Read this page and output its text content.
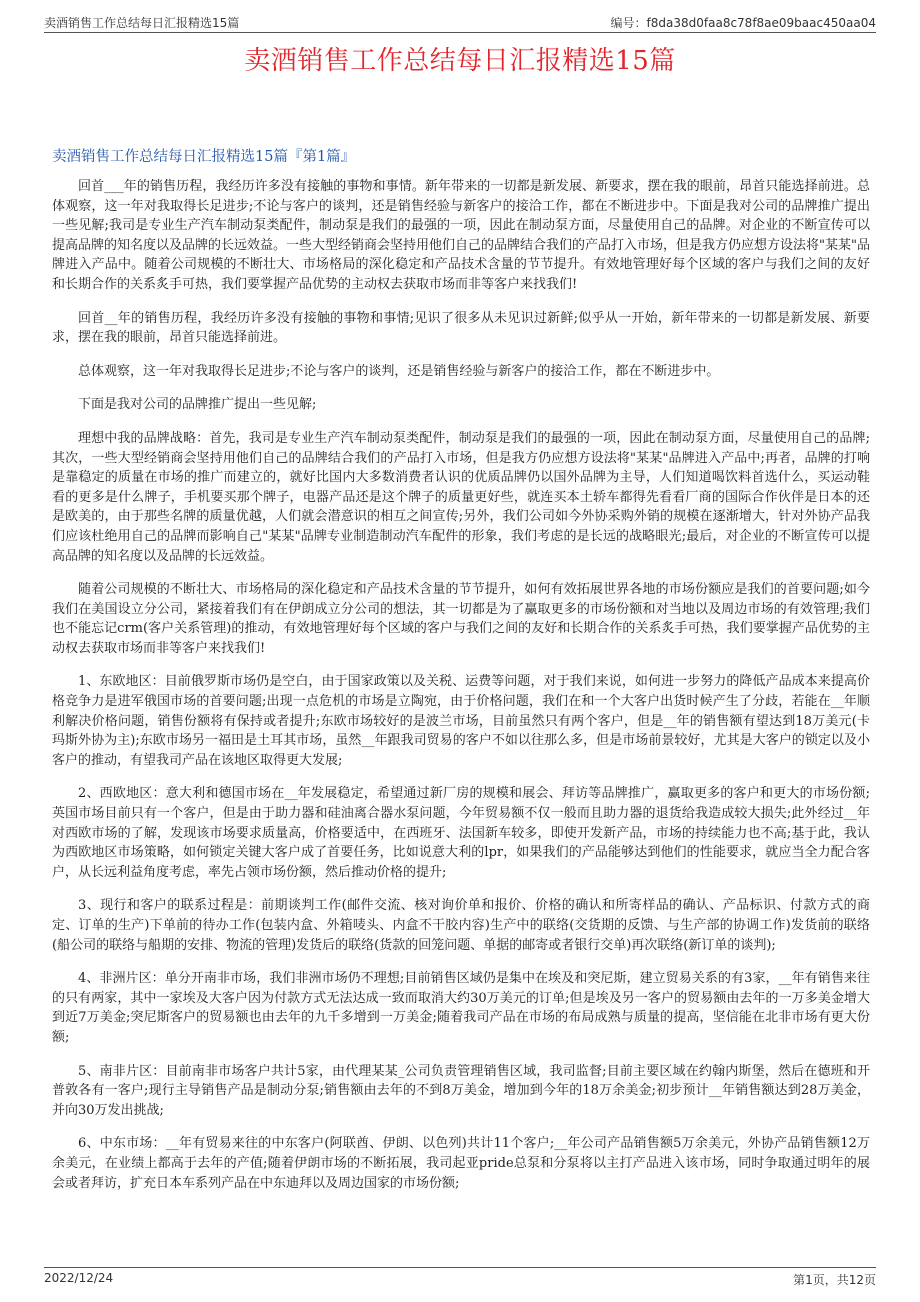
卖酒销售工作总结每日汇报精选15篇	编号：f8da38d0faa8c78f8ae09baac450aa04
卖酒销售工作总结每日汇报精选15篇
卖酒销售工作总结每日汇报精选15篇『第1篇』

回首___年的销售历程，我经历许多没有接触的事物和事情。新年带来的一切都是新发展、新要求，摆在我的眼前，昂首只能选择前进。总体观察，这一年对我取得长足进步;不论与客户的谈判，还是销售经验与新客户的接洽工作，都在不断进步中。下面是我对公司的品牌推广提出一些见解;我司是专业生产汽车制动泵类配件，制动泵是我们的最强的一项，因此在制动泵方面，尽量使用自己的品牌。对企业的不断宣传可以提高品牌的知名度以及品牌的长远效益。一些大型经销商会坚持用他们自己的品牌结合我们的产品打入市场，但是我方仍应想方设法将"某某"品牌进入产品中。随着公司规模的不断壮大、市场格局的深化稳定和产品技术含量的节节提升。有效地管理好每个区域的客户与我们之间的友好和长期合作的关系炙手可热，我们要掌握产品优势的主动权去获取市场而非等客户来找我们!

回首__年的销售历程，我经历许多没有接触的事物和事情;见识了很多从未见识过新鲜;似乎从一开始，新年带来的一切都是新发展、新要求，摆在我的眼前，昂首只能选择前进。

总体观察，这一年对我取得长足进步;不论与客户的谈判，还是销售经验与新客户的接洽工作，都在不断进步中。

下面是我对公司的品牌推广提出一些见解;

理想中我的品牌战略：首先，我司是专业生产汽车制动泵类配件，制动泵是我们的最强的一项，因此在制动泵方面，尽量使用自己的品牌;其次，一些大型经销商会坚持用他们自己的品牌结合我们的产品打入市场，但是我方仍应想方设法将"某某"品牌进入产品中;再者，品牌的打响是靠稳定的质量在市场的推广而建立的，就好比国内大多数消费者认识的优质品牌仍以国外品牌为主导，人们知道喝饮料首选什么，买运动鞋看的更多是什么牌子，手机要买那个牌子，电器产品还是这个牌子的质量更好些，就连买本土轿车都得先看看厂商的国际合作伙伴是日本的还是欧美的，由于那些名牌的质量优越，人们就会潜意识的相互之间宣传;另外，我们公司如今外协采购外销的规模在逐渐增大，针对外协产品我们应该杜绝用自己的品牌而影响自己"某某"品牌专业制造制动汽车配件的形象，我们考虑的是长远的战略眼光;最后，对企业的不断宣传可以提高品牌的知名度以及品牌的长远效益。

随着公司规模的不断壮大、市场格局的深化稳定和产品技术含量的节节提升，如何有效拓展世界各地的市场份额应是我们的首要问题;如今我们在美国设立分公司，紧接着我们有在伊朗成立分公司的想法，其一切都是为了赢取更多的市场份额和对当地以及周边市场的有效管理;我们也不能忘记crm(客户关系管理)的推动，有效地管理好每个区域的客户与我们之间的友好和长期合作的关系炙手可热，我们要掌握产品优势的主动权去获取市场而非等客户来找我们!

1、东欧地区：目前俄罗斯市场仍是空白，由于国家政策以及关税、运费等问题，对于我们来说，如何进一步努力的降低产品成本来提高价格竞争力是进军俄国市场的首要问题;出现一点危机的市场是立陶宛，由于价格问题，我们在和一个大客户出货时候产生了分歧，若能在__年顺利解决价格问题，销售份额将有保持或者提升;东欧市场较好的是波兰市场，目前虽然只有两个客户，但是__年的销售额有望达到18万美元(卡玛斯外协为主);东欧市场另一福田是土耳其市场，虽然__年跟我司贸易的客户不如以往那么多，但是市场前景较好，尤其是大客户的锁定以及小客户的推动，有望我司产品在该地区取得更大发展;

2、西欧地区：意大利和德国市场在__年发展稳定，希望通过新厂房的规模和展会、拜访等品牌推广，赢取更多的客户和更大的市场份额;英国市场目前只有一个客户，但是由于助力器和硅油离合器水泵问题，今年贸易额不仅一般而且助力器的退货给我造成较大损失;此外经过__年对西欧市场的了解，发现该市场要求质量高，价格要适中，在西班牙、法国新车较多，即使开发新产品，市场的持续能力也不高;基于此，我认为西欧地区市场策略，如何锁定关键大客户成了首要任务，比如说意大利的lpr，如果我们的产品能够达到他们的性能要求，就应当全力配合客户，从长远利益角度考虑，率先占领市场份额，然后推动价格的提升;

3、现行和客户的联系过程是：前期谈判工作(邮件交流、核对询价单和报价、价格的确认和所寄样品的确认、产品标识、付款方式的商定、订单的生产)下单前的待办工作(包装内盒、外箱唛头、内盒不干胶内容)生产中的联络(交货期的反馈、与生产部的协调工作)发货前的联络(船公司的联络与船期的安排、物流的管理)发货后的联络(货款的回笼问题、单据的邮寄或者银行交单)再次联络(新订单的谈判);

4、非洲片区：单分开南非市场，我们非洲市场仍不理想;目前销售区域仍是集中在埃及和突尼斯，建立贸易关系的有3家，__年有销售来往的只有两家，其中一家埃及大客户因为付款方式无法达成一致而取消大约30万美元的订单;但是埃及另一客户的贸易额由去年的一万多美金增大到近7万美金;突尼斯客户的贸易额也由去年的九千多增到一万美金;随着我司产品在市场的布局成熟与质量的提高，坚信能在北非市场有更大份额;

5、南非片区：目前南非市场客户共计5家，由代理某某_公司负责管理销售区域，我司监督;目前主要区域在约翰内斯堡，然后在德班和开普敦各有一客户;现行主导销售产品是制动分泵;销售额由去年的不到8万美金，增加到今年的18万余美金;初步预计__年销售额达到28万美金，并向30万发出挑战;

6、中东市场：__年有贸易来往的中东客户(阿联酋、伊朗、以色列)共计11个客户;__年公司产品销售额5万余美元，外协产品销售额12万余美元，在业绩上都高于去年的产值;随着伊朗市场的不断拓展，我司起亚pride总泵和分泵将以主打产品进入该市场，同时争取通过明年的展会或者拜访，扩充日本车系列产品在中东迪拜以及周边国家的市场份额;

2022/12/24	第1页，共12页
